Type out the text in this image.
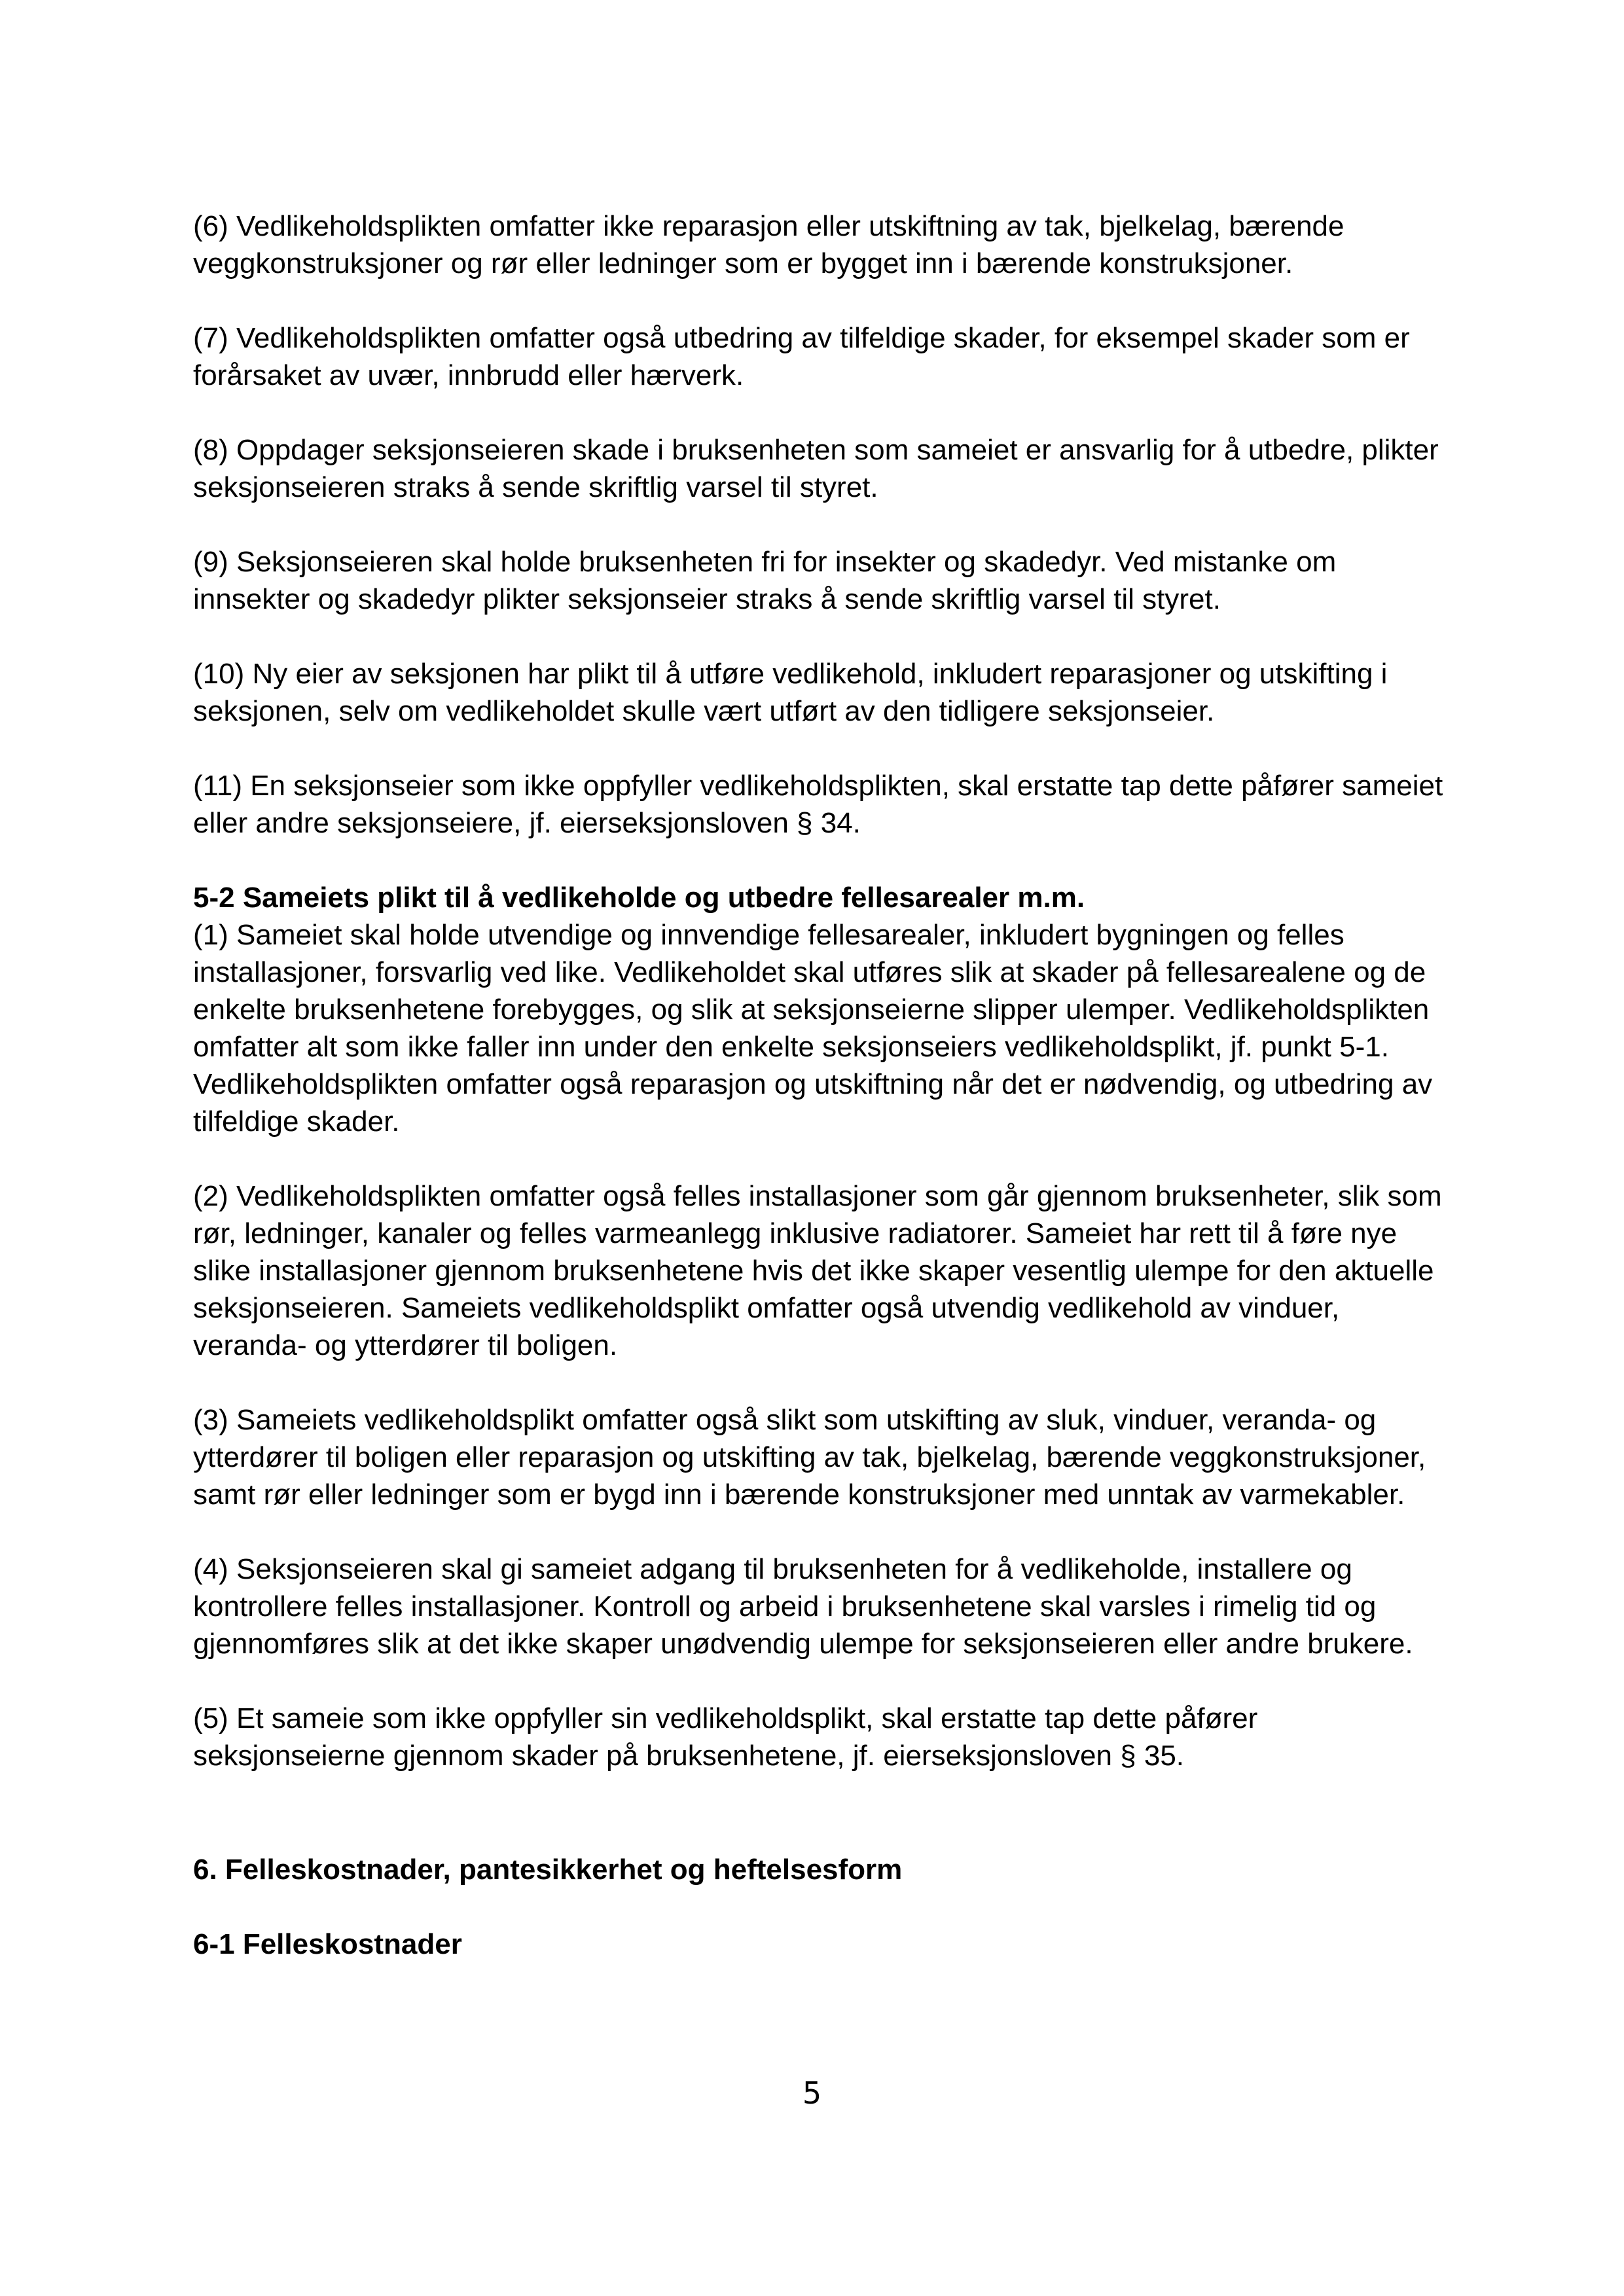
(6) Vedlikeholdsplikten omfatter ikke reparasjon eller utskiftning av tak, bjelkelag, bærende veggkonstruksjoner og rør eller ledninger som er bygget inn i bærende konstruksjoner.

(7) Vedlikeholdsplikten omfatter også utbedring av tilfeldige skader, for eksempel skader som er forårsaket av uvær, innbrudd eller hærverk.

(8) Oppdager seksjonseieren skade i bruksenheten som sameiet er ansvarlig for å utbedre, plikter seksjonseieren straks å sende skriftlig varsel til styret.

(9) Seksjonseieren skal holde bruksenheten fri for insekter og skadedyr. Ved mistanke om innsekter og skadedyr plikter seksjonseier straks å sende skriftlig varsel til styret.

(10) Ny eier av seksjonen har plikt til å utføre vedlikehold, inkludert reparasjoner og utskifting i seksjonen, selv om vedlikeholdet skulle vært utført av den tidligere seksjonseier.

(11) En seksjonseier som ikke oppfyller vedlikeholdsplikten, skal erstatte tap dette påfører sameiet eller andre seksjonseiere, jf. eierseksjonsloven § 34.

5-2 Sameiets plikt til å vedlikeholde og utbedre fellesarealer m.m.

(1) Sameiet skal holde utvendige og innvendige fellesarealer, inkludert bygningen og felles installasjoner, forsvarlig ved like. Vedlikeholdet skal utføres slik at skader på fellesarealene og de enkelte bruksenhetene forebygges, og slik at seksjonseierne slipper ulemper. Vedlikeholdsplikten omfatter alt som ikke faller inn under den enkelte seksjonseiers vedlikeholdsplikt, jf. punkt 5-1. Vedlikeholdsplikten omfatter også reparasjon og utskiftning når det er nødvendig, og utbedring av tilfeldige skader.

(2) Vedlikeholdsplikten omfatter også felles installasjoner som går gjennom bruksenheter, slik som rør, ledninger, kanaler og felles varmeanlegg inklusive radiatorer. Sameiet har rett til å føre nye slike installasjoner gjennom bruksenhetene hvis det ikke skaper vesentlig ulempe for den aktuelle seksjonseieren. Sameiets vedlikeholdsplikt omfatter også utvendig vedlikehold av vinduer, veranda- og ytterdører til boligen.

(3) Sameiets vedlikeholdsplikt omfatter også slikt som utskifting av sluk, vinduer, veranda- og ytterdører til boligen eller reparasjon og utskifting av tak, bjelkelag, bærende veggkonstruksjoner, samt rør eller ledninger som er bygd inn i bærende konstruksjoner med unntak av varmekabler.

(4) Seksjonseieren skal gi sameiet adgang til bruksenheten for å vedlikeholde, installere og kontrollere felles installasjoner. Kontroll og arbeid i bruksenhetene skal varsles i rimelig tid og gjennomføres slik at det ikke skaper unødvendig ulempe for seksjonseieren eller andre brukere.

(5) Et sameie som ikke oppfyller sin vedlikeholdsplikt, skal erstatte tap dette påfører seksjonseierne gjennom skader på bruksenhetene, jf. eierseksjonsloven § 35.

6. Felleskostnader, pantesikkerhet og heftelsesform

6-1 Felleskostnader

5
